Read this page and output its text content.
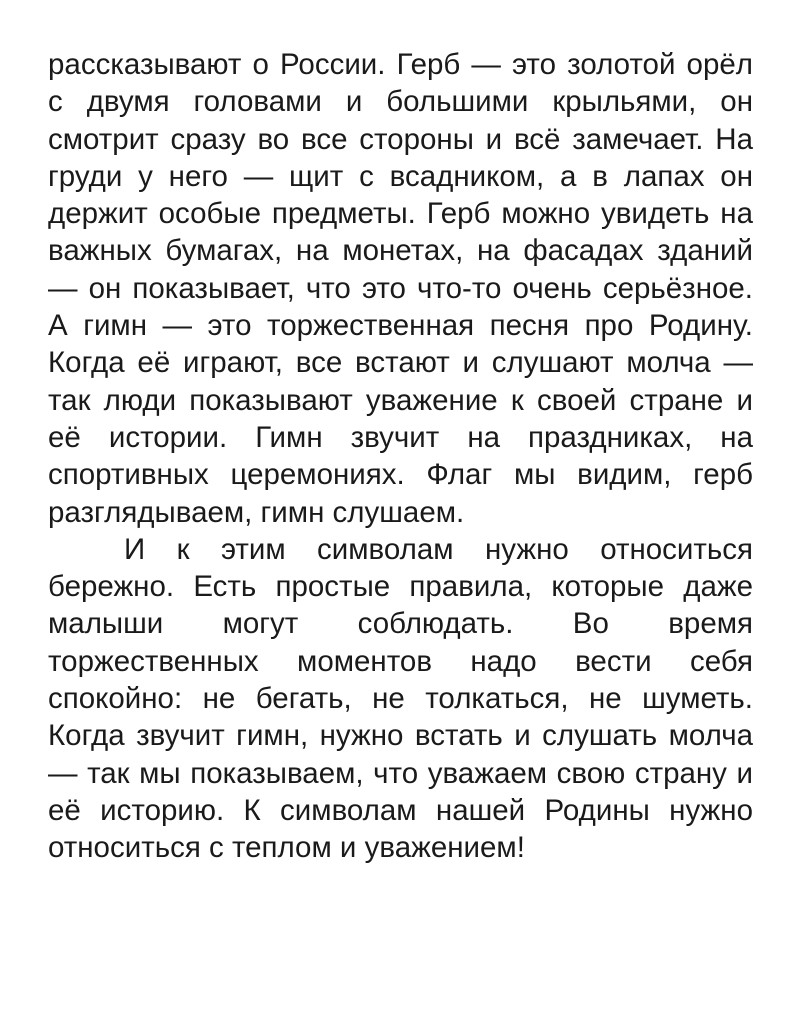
рассказывают о России. Герб — это золотой орёл с двумя головами и большими крыльями, он смотрит сразу во все стороны и всё замечает. На груди у него — щит с всадником, а в лапах он держит особые предметы. Герб можно увидеть на важных бумагах, на монетах, на фасадах зданий — он показывает, что это что-то очень серьёзное. А гимн — это торжественная песня про Родину. Когда её играют, все встают и слушают молча — так люди показывают уважение к своей стране и её истории. Гимн звучит на праздниках, на спортивных церемониях. Флаг мы видим, герб разглядываем, гимн слушаем.

И к этим символам нужно относиться бережно. Есть простые правила, которые даже малыши могут соблюдать. Во время торжественных моментов надо вести себя спокойно: не бегать, не толкаться, не шуметь. Когда звучит гимн, нужно встать и слушать молча — так мы показываем, что уважаем свою страну и её историю. К символам нашей Родины нужно относиться с теплом и уважением!
